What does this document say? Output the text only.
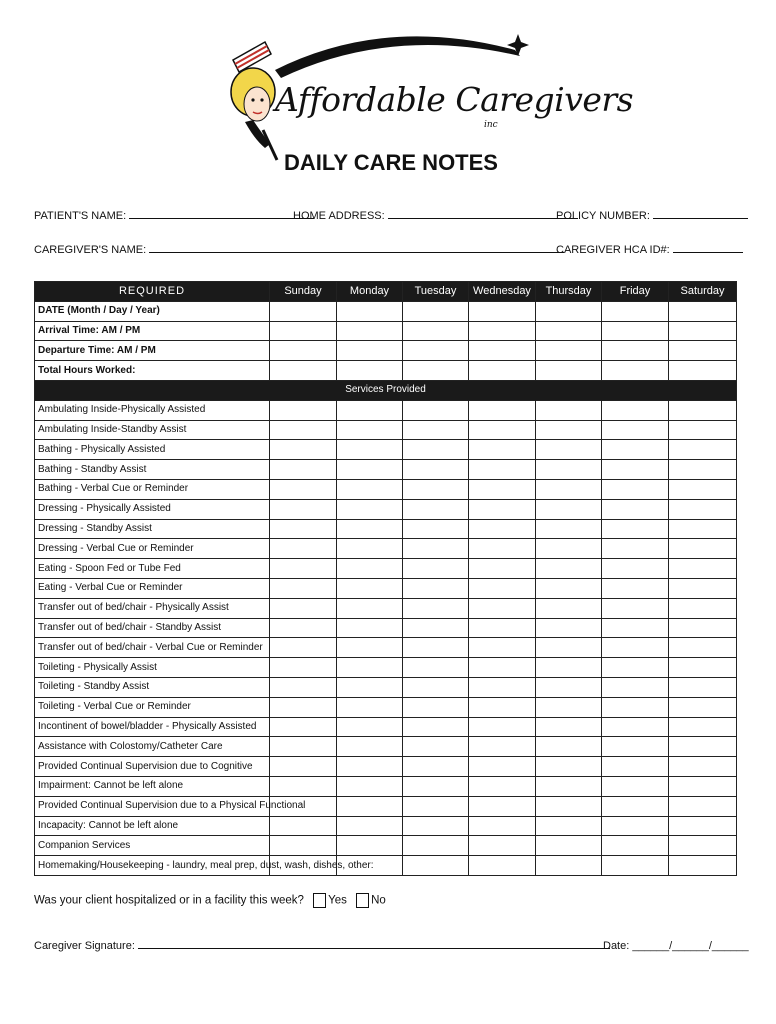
Affordable Caregivers
inc
DAILY CARE NOTES
PATIENT'S NAME:	HOME ADDRESS:	POLICY NUMBER:
CAREGIVER'S NAME:	CAREGIVER HCA ID#:
REQUIRED	Sunday	Monday	Tuesday	Wednesday	Thursday	Friday	Saturday
DATE (Month / Day / Year)							
Arrival Time: AM / PM							
Departure Time: AM / PM							
Total Hours Worked:							
Services Provided							
Ambulating Inside-Physically Assisted							
Ambulating Inside-Standby Assist							
Bathing - Physically Assisted							
Bathing - Standby Assist							
Bathing - Verbal Cue or Reminder							
Dressing - Physically Assisted							
Dressing - Standby Assist							
Dressing - Verbal Cue or Reminder							
Eating - Spoon Fed or Tube Fed							
Eating - Verbal Cue or Reminder							
Transfer out of bed/chair - Physically Assist							
Transfer out of bed/chair - Standby Assist							
Transfer out of bed/chair - Verbal Cue or Reminder							
Toileting - Physically Assist							
Toileting - Standby Assist							
Toileting - Verbal Cue or Reminder							
Incontinent of bowel/bladder - Physically Assisted							
Assistance with Colostomy/Catheter Care							
Provided Continual Supervision due to Cognitive							
Impairment: Cannot be left alone							
Provided Continual Supervision due to a Physical Functional							
Incapacity: Cannot be left alone							
Companion Services							
Homemaking/Housekeeping - laundry, meal prep, dust, wash, dishes, other:							
Was your client hospitalized or in a facility this week? Yes No
Caregiver Signature:	Date: ______/______/______
